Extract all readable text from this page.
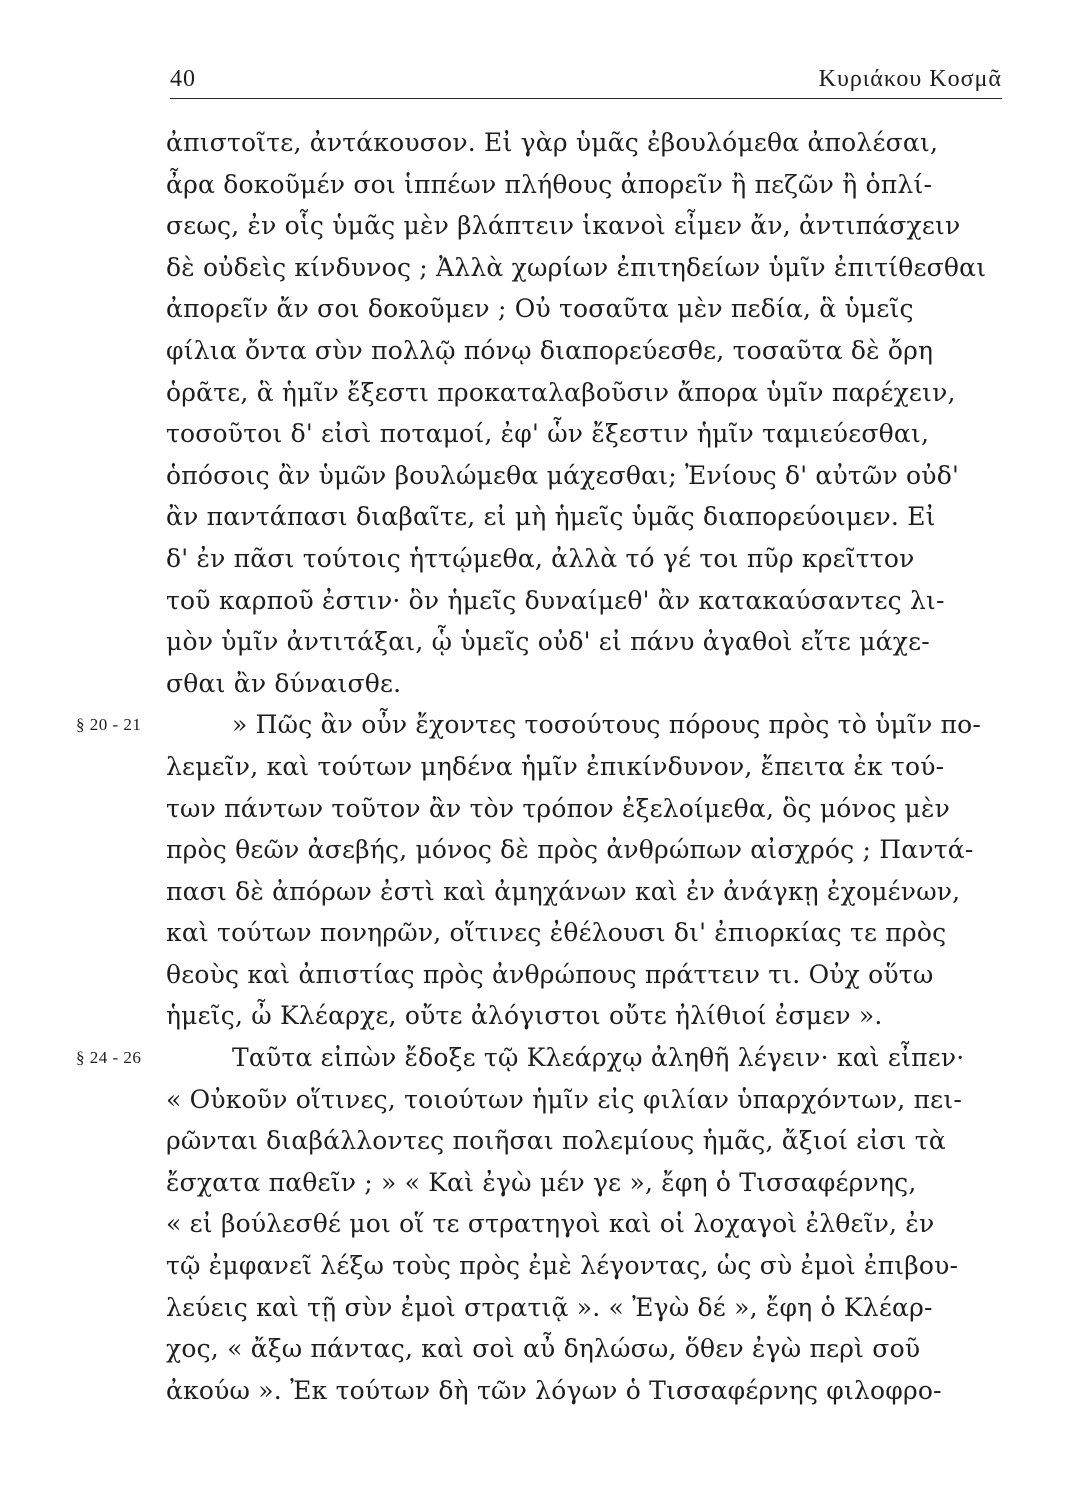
40	Κυριάκου Κοσμᾶ
ἀπιστοῖτε, ἀντάκουσον. Εἰ γὰρ ὑμᾶς ἐβουλόμεθα ἀπολέσαι,
ἆρα δοκοῦμέν σοι ἱππέων πλήθους ἀπορεῖν ἢ πεζῶν ἢ ὁπλί-
σεως, ἐν οἷς ὑμᾶς μὲν βλάπτειν ἱκανοὶ εἶμεν ἄν, ἀντιπάσχειν
δὲ οὐδεὶς κίνδυνος ; Ἀλλὰ χωρίων ἐπιτηδείων ὑμῖν ἐπιτίθεσθαι
ἀπορεῖν ἄν σοι δοκοῦμεν ; Οὐ τοσαῦτα μὲν πεδία, ἃ ὑμεῖς
φίλια ὄντα σὺν πολλῷ πόνῳ διαπορεύεσθε, τοσαῦτα δὲ ὄρη
ὁρᾶτε, ἃ ἡμῖν ἔξεστι προκαταλαβοῦσιν ἄπορα ὑμῖν παρέχειν,
τοσοῦτοι δ' εἰσὶ ποταμοί, ἐφ' ὧν ἔξεστιν ἡμῖν ταμιεύεσθαι,
ὁπόσοις ἂν ὑμῶν βουλώμεθα μάχεσθαι; Ἐνίους δ' αὐτῶν οὐδ'
ἂν παντάπασι διαβαῖτε, εἰ μὴ ἡμεῖς ὑμᾶς διαπορεύοιμεν. Εἰ
δ' ἐν πᾶσι τούτοις ἡττῴμεθα, ἀλλὰ τό γέ τοι πῦρ κρεῖττον
τοῦ καρποῦ ἐστιν· ὃν ἡμεῖς δυναίμεθ' ἂν κατακαύσαντες λι-
μὸν ὑμῖν ἀντιτάξαι, ᾧ ὑμεῖς οὐδ' εἰ πάνυ ἀγαθοὶ εἴτε μάχε-
σθαι ἂν δύναισθε.
§ 20 - 21	» Πῶς ἂν οὖν ἔχοντες τοσούτους πόρους πρὸς τὸ ὑμῖν πο-
λεμεῖν, καὶ τούτων μηδένα ἡμῖν ἐπικίνδυνον, ἔπειτα ἐκ τού-
των πάντων τοῦτον ἂν τὸν τρόπον ἐξελοίμεθα, ὃς μόνος μὲν
πρὸς θεῶν ἀσεβής, μόνος δὲ πρὸς ἀνθρώπων αἰσχρός ; Παντά-
πασι δὲ ἀπόρων ἐστὶ καὶ ἀμηχάνων καὶ ἐν ἀνάγκῃ ἐχομένων,
καὶ τούτων πονηρῶν, οἵτινες ἐθέλουσι δι' ἐπιορκίας τε πρὸς
θεοὺς καὶ ἀπιστίας πρὸς ἀνθρώπους πράττειν τι. Οὐχ οὕτω
ἡμεῖς, ὦ Κλέαρχε, οὔτε ἀλόγιστοι οὔτε ἠλίθιοί ἐσμεν ».
§ 24 - 26	Ταῦτα εἰπὼν ἔδοξε τῷ Κλεάρχῳ ἀληθῆ λέγειν· καὶ εἶπεν·
« Οὐκοῦν οἵτινες, τοιούτων ἡμῖν εἰς φιλίαν ὑπαρχόντων, πει-
ρῶνται διαβάλλοντες ποιῆσαι πολεμίους ἡμᾶς, ἄξιοί εἰσι τὰ
ἔσχατα παθεῖν ; » « Καὶ ἐγὼ μέν γε », ἔφη ὁ Τισσαφέρνης,
« εἰ βούλεσθέ μοι οἵ τε στρατηγοὶ καὶ οἱ λοχαγοὶ ἐλθεῖν, ἐν
τῷ ἐμφανεῖ λέξω τοὺς πρὸς ἐμὲ λέγοντας, ὡς σὺ ἐμοὶ ἐπιβου-
λεύεις καὶ τῇ σὺν ἐμοὶ στρατιᾷ ». « Ἐγὼ δέ », ἔφη ὁ Κλέαρ-
χος, « ἄξω πάντας, καὶ σοὶ αὖ δηλώσω, ὅθεν ἐγὼ περὶ σοῦ
ἀκούω ». Ἐκ τούτων δὴ τῶν λόγων ὁ Τισσαφέρνης φιλοφρο-
